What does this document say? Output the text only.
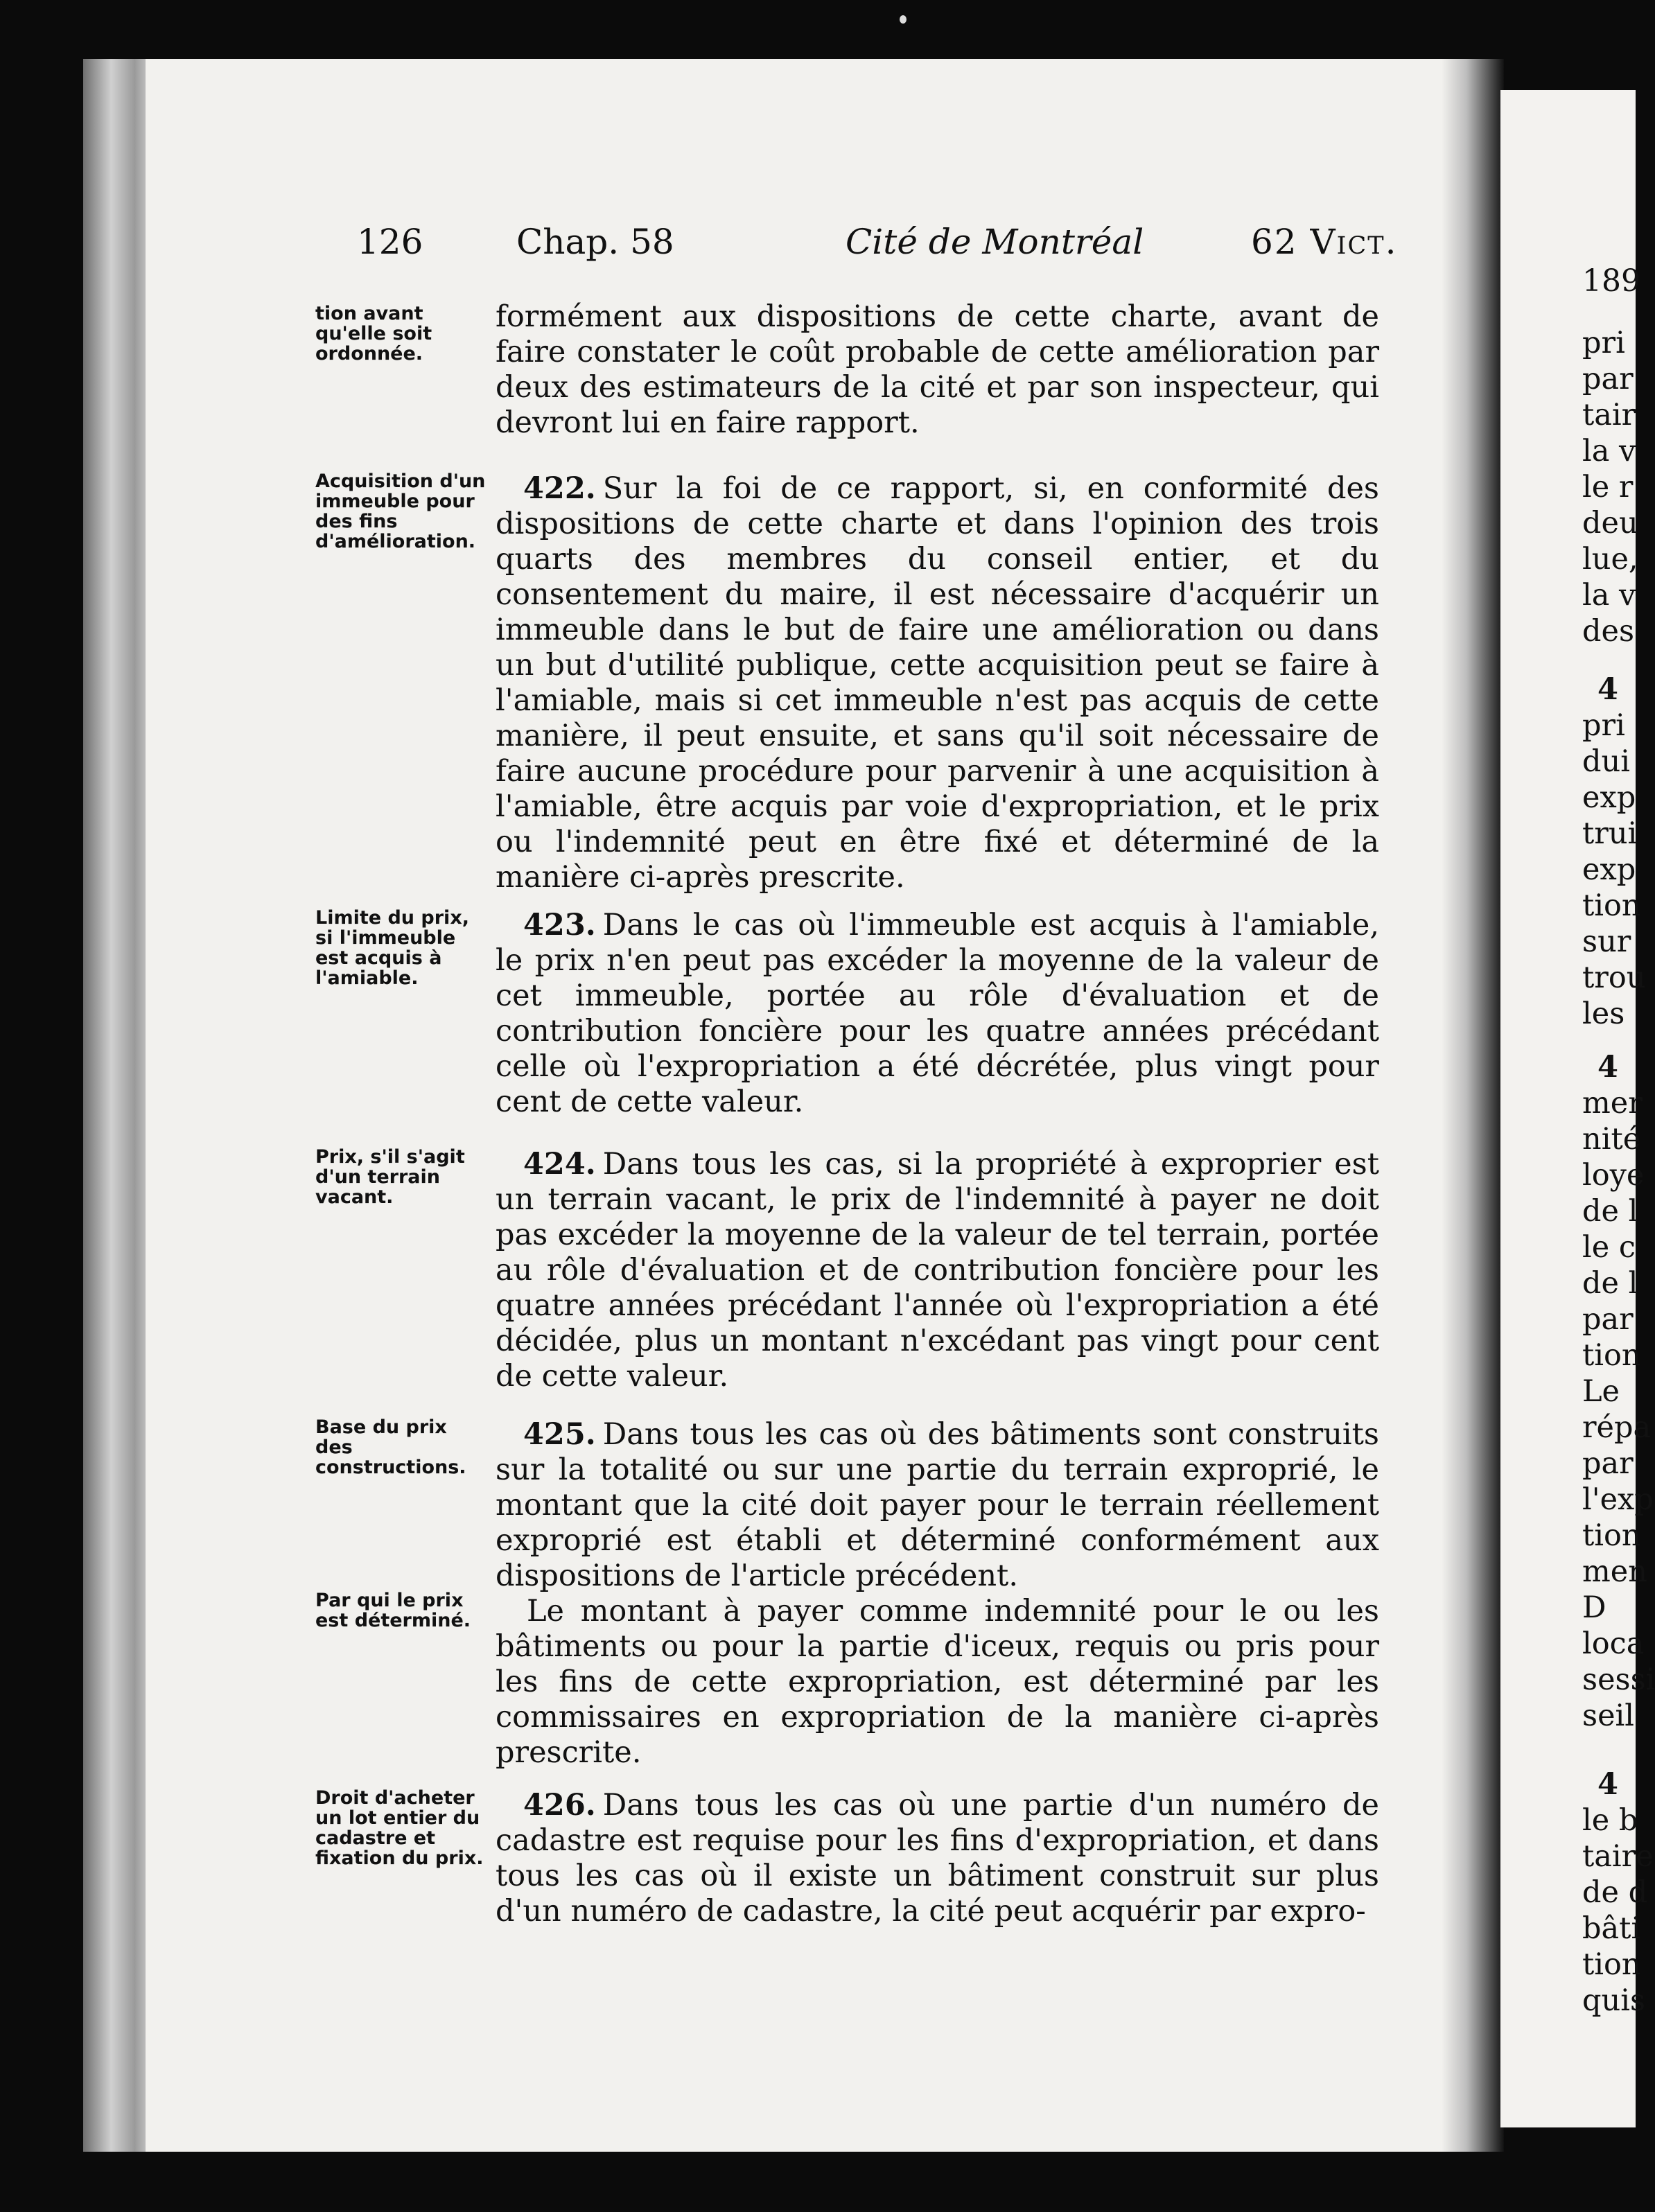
126	Chap. 58	Cité de Montréal	62 Vict.
tion avant qu'elle soit ordonnée.

formément aux dispositions de cette charte, avant de faire constater le coût probable de cette amélioration par deux des estimateurs de la cité et par son inspecteur, qui devront lui en faire rapport.

Acquisition d'un immeuble pour des fins d'amélioration.

422. Sur la foi de ce rapport, si, en conformité des dispositions de cette charte et dans l'opinion des trois quarts des membres du conseil entier, et du consentement du maire, il est nécessaire d'acquérir un immeuble dans le but de faire une amélioration ou dans un but d'utilité publique, cette acquisition peut se faire à l'amiable, mais si cet immeuble n'est pas acquis de cette manière, il peut ensuite, et sans qu'il soit nécessaire de faire aucune procédure pour parvenir à une acquisition à l'amiable, être acquis par voie d'expropriation, et le prix ou l'indemnité peut en être fixé et déterminé de la manière ci-après prescrite.

Limite du prix, si l'immeuble est acquis à l'amiable.

423. Dans le cas où l'immeuble est acquis à l'amiable, le prix n'en peut pas excéder la moyenne de la valeur de cet immeuble, portée au rôle d'évaluation et de contribution foncière pour les quatre années précédant celle où l'expropriation a été décrétée, plus vingt pour cent de cette valeur.

Prix, s'il s'agit d'un terrain vacant.

424. Dans tous les cas, si la propriété à exproprier est un terrain vacant, le prix de l'indemnité à payer ne doit pas excéder la moyenne de la valeur de tel terrain, portée au rôle d'évaluation et de contribution foncière pour les quatre années précédant l'année où l'expropriation a été décidée, plus un montant n'excédant pas vingt pour cent de cette valeur.

Base du prix des constructions.
Par qui le prix est déterminé.

425. Dans tous les cas où des bâtiments sont construits sur la totalité ou sur une partie du terrain exproprié, le montant que la cité doit payer pour le terrain réellement exproprié est établi et déterminé conformément aux dispositions de l'article précédent.

Le montant à payer comme indemnité pour le ou les bâtiments ou pour la partie d'iceux, requis ou pris pour les fins de cette expropriation, est déterminé par les commissaires en expropriation de la manière ci-après prescrite.

Droit d'acheter un lot entier du cadastre et fixation du prix.

426. Dans tous les cas où une partie d'un numéro de cadastre est requise pour les fins d'expropriation, et dans tous les cas où il existe un bâtiment construit sur plus d'un numéro de cadastre, la cité peut acquérir par expro-

189
pri
par
tair
la v
le r
deu
lue,
la v
des
4
pri
dui
exp
trui
exp
tion
sur
trou
les
4
mer
nité
loye
de l
le c
de l
par
tion
Le
répa
par
l'exp
tion
men
D
loca
sessi
seil
4
le b
taire
de d
bâti
tion
quis
